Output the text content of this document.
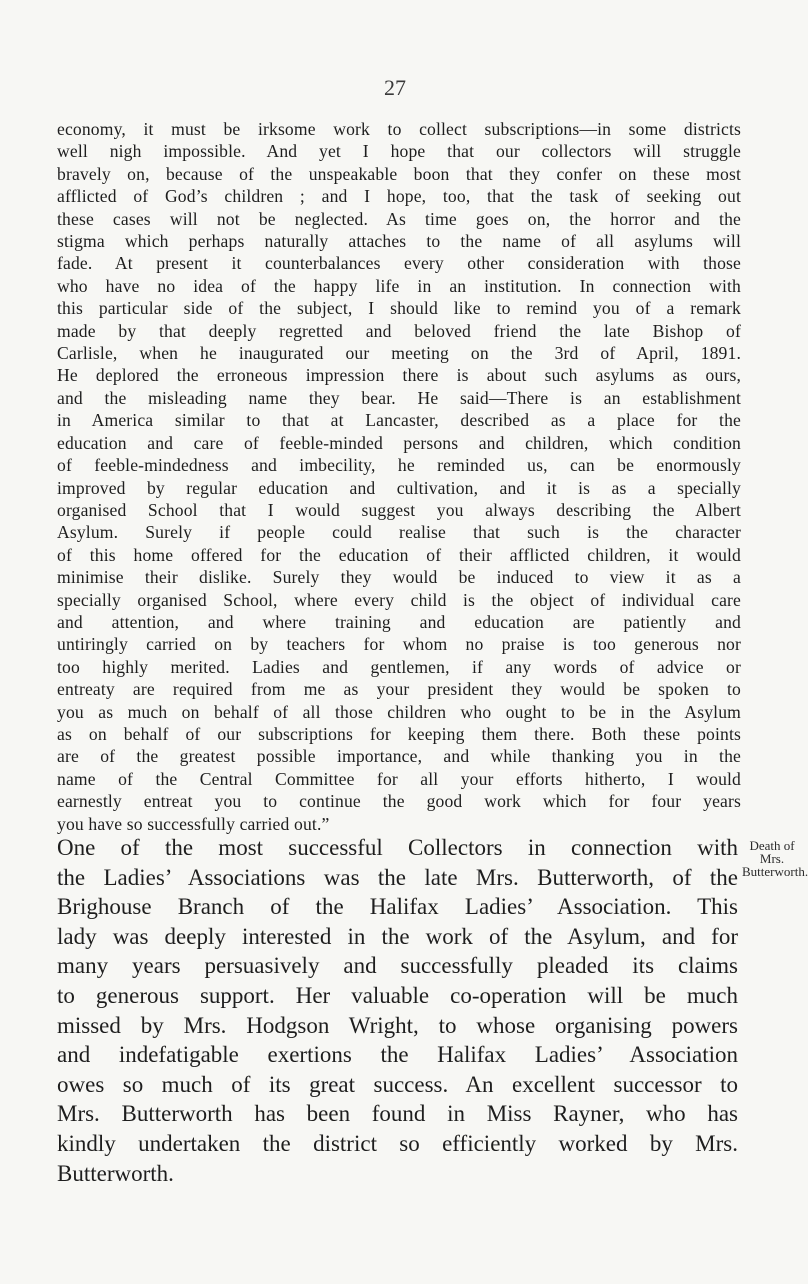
27
economy, it must be irksome work to collect subscriptions—in some districts
well nigh impossible. And yet I hope that our collectors will struggle
bravely on, because of the unspeakable boon that they confer on these most
afflicted of God’s children ; and I hope, too, that the task of seeking out
these cases will not be neglected. As time goes on, the horror and the
stigma which perhaps naturally attaches to the name of all asylums will
fade. At present it counterbalances every other consideration with those
who have no idea of the happy life in an institution. In connection with
this particular side of the subject, I should like to remind you of a remark
made by that deeply regretted and beloved friend the late Bishop of
Carlisle, when he inaugurated our meeting on the 3rd of April, 1891.
He deplored the erroneous impression there is about such asylums as ours,
and the misleading name they bear. He said—There is an establishment
in America similar to that at Lancaster, described as a place for the
education and care of feeble-minded persons and children, which condition
of feeble-mindedness and imbecility, he reminded us, can be enormously
improved by regular education and cultivation, and it is as a specially
organised School that I would suggest you always describing the Albert
Asylum. Surely if people could realise that such is the character
of this home offered for the education of their afflicted children, it would
minimise their dislike. Surely they would be induced to view it as a
specially organised School, where every child is the object of individual care
and attention, and where training and education are patiently and
untiringly carried on by teachers for whom no praise is too generous nor
too highly merited. Ladies and gentlemen, if any words of advice or
entreaty are required from me as your president they would be spoken to
you as much on behalf of all those children who ought to be in the Asylum
as on behalf of our subscriptions for keeping them there. Both these points
are of the greatest possible importance, and while thanking you in the
name of the Central Committee for all your efforts hitherto, I would
earnestly entreat you to continue the good work which for four years
you have so successfully carried out.”
One of the most successful Collectors in connection with
the Ladies’ Associations was the late Mrs. Butterworth, of the
Brighouse Branch of the Halifax Ladies’ Association. This
lady was deeply interested in the work of the Asylum, and for
many years persuasively and successfully pleaded its claims
to generous support. Her valuable co-operation will be much
missed by Mrs. Hodgson Wright, to whose organising powers
and indefatigable exertions the Halifax Ladies’ Association
owes so much of its great success. An excellent successor to
Mrs. Butterworth has been found in Miss Rayner, who has
kindly undertaken the district so efficiently worked by Mrs.
Butterworth.
Death of
Mrs.
Butterworth.
